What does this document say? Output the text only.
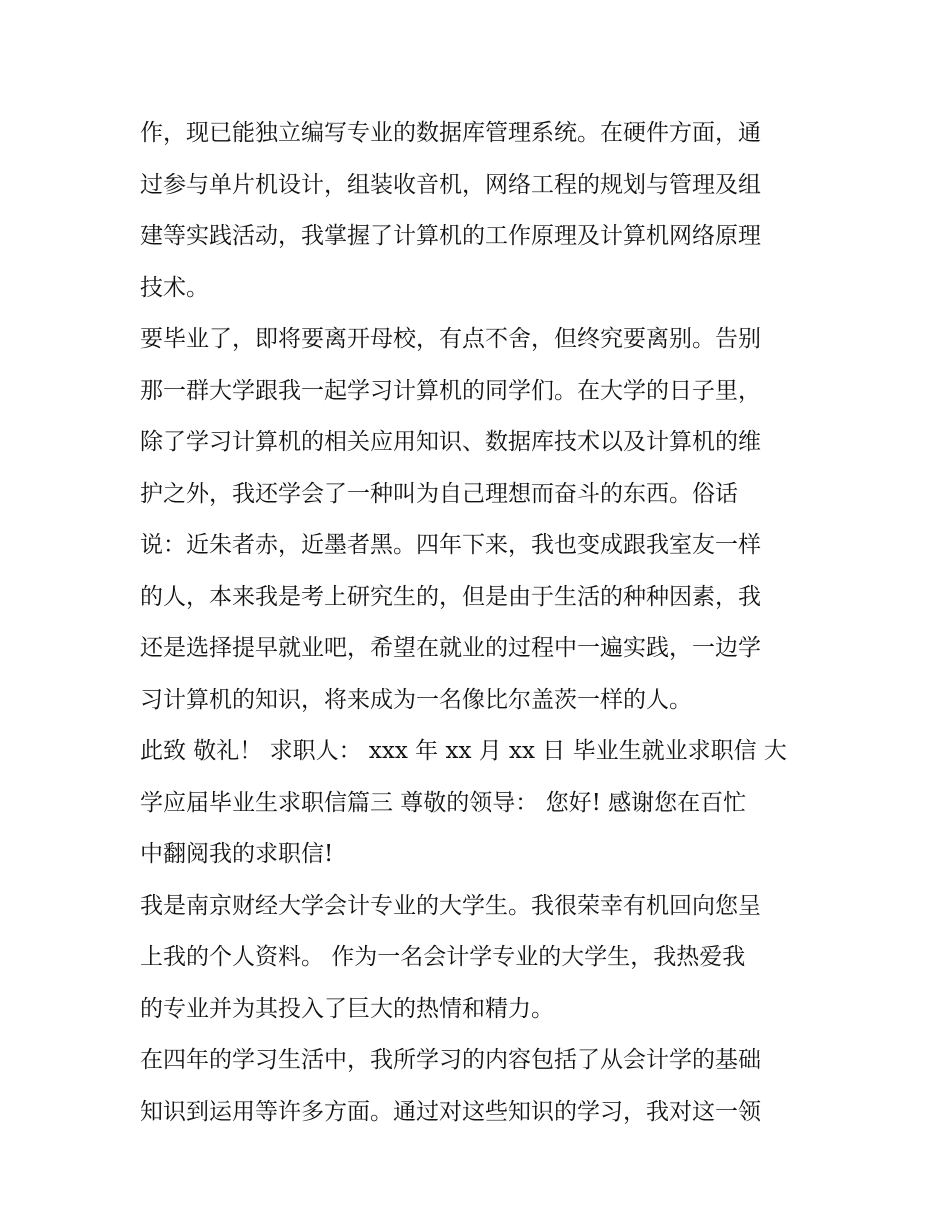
作，现已能独立编写专业的数据库管理系统。在硬件方面，通
过参与单片机设计，组装收音机，网络工程的规划与管理及组
建等实践活动，我掌握了计算机的工作原理及计算机网络原理
技术。
要毕业了，即将要离开母校，有点不舍，但终究要离别。告别
那一群大学跟我一起学习计算机的同学们。在大学的日子里，
除了学习计算机的相关应用知识、数据库技术以及计算机的维
护之外，我还学会了一种叫为自己理想而奋斗的东西。俗话
说：近朱者赤，近墨者黑。四年下来，我也变成跟我室友一样
的人，本来我是考上研究生的，但是由于生活的种种因素，我
还是选择提早就业吧，希望在就业的过程中一遍实践，一边学
习计算机的知识，将来成为一名像比尔盖茨一样的人。
此致 敬礼！ 求职人： xxx 年 xx 月 xx 日 毕业生就业求职信 大
学应届毕业生求职信篇三 尊敬的领导： 您好! 感谢您在百忙
中翻阅我的求职信!
我是南京财经大学会计专业的大学生。我很荣幸有机回向您呈
上我的个人资料。 作为一名会计学专业的大学生，我热爱我
的专业并为其投入了巨大的热情和精力。
在四年的学习生活中，我所学习的内容包括了从会计学的基础
知识到运用等许多方面。通过对这些知识的学习，我对这一领
